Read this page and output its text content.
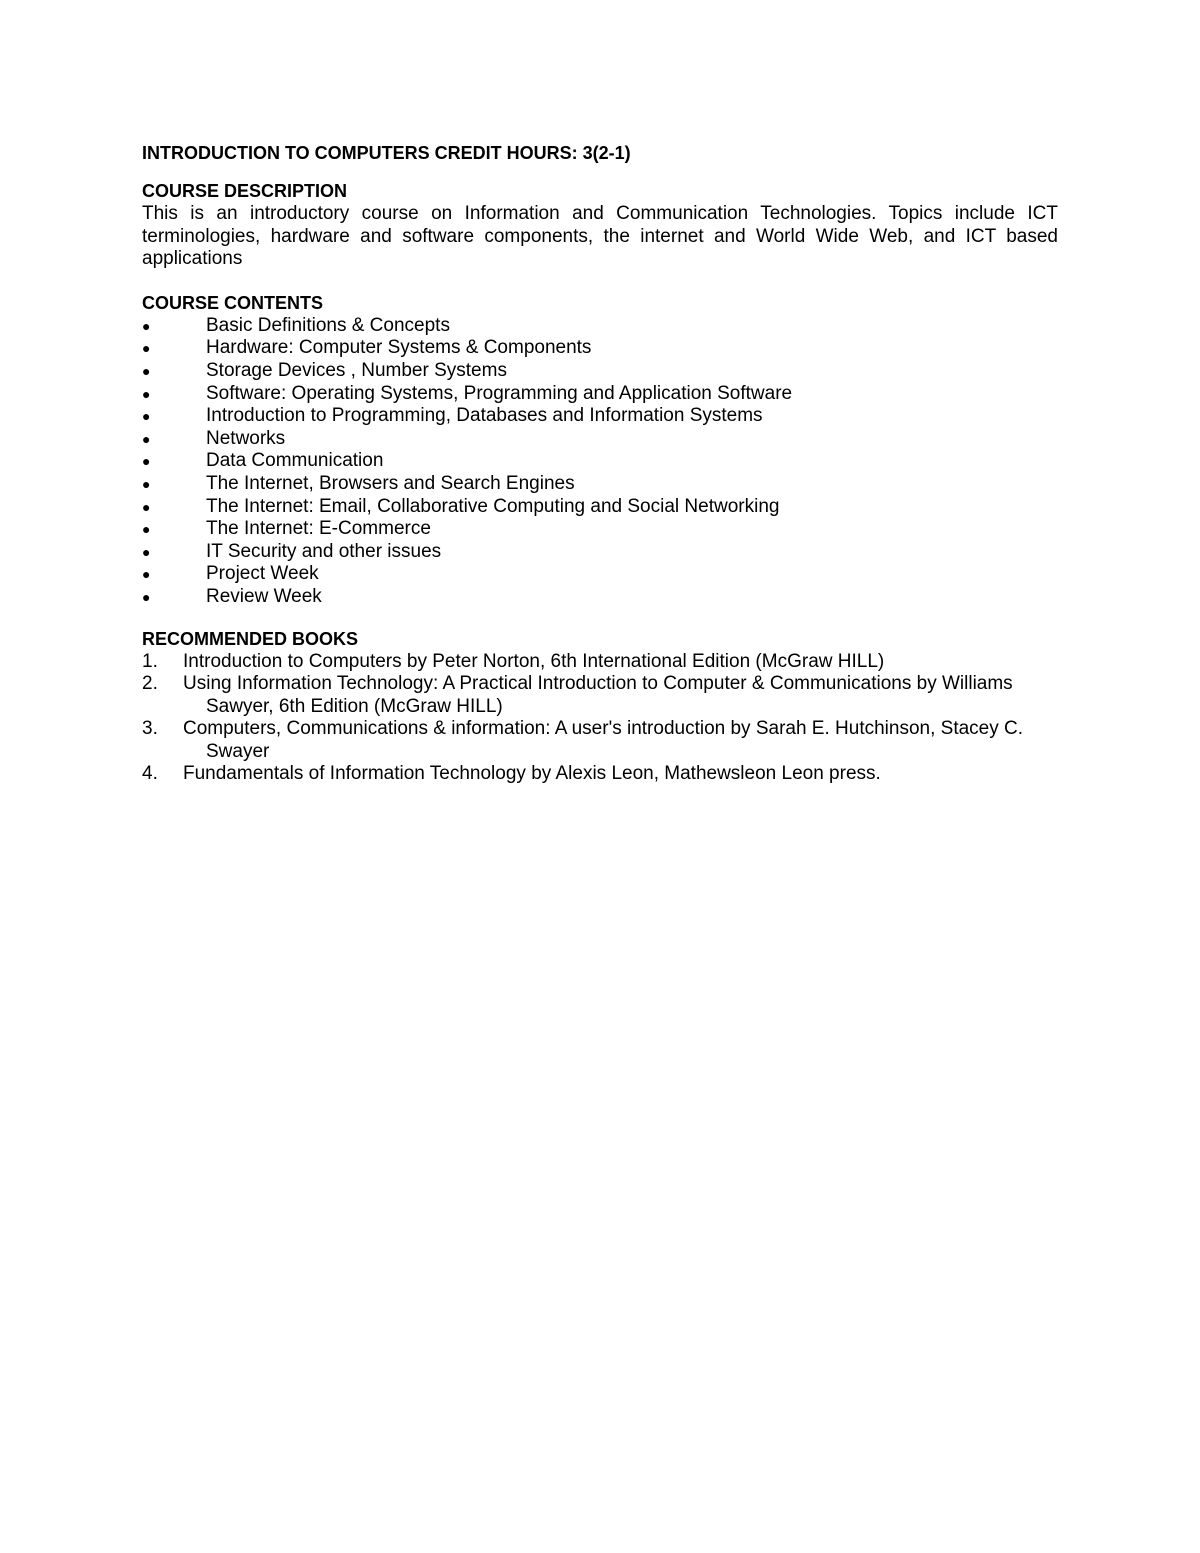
INTRODUCTION TO COMPUTERS CREDIT HOURS: 3(2-1)
COURSE DESCRIPTION
This is an introductory course on Information and Communication Technologies. Topics include ICT terminologies, hardware and software components, the internet and World Wide Web, and ICT based applications
COURSE CONTENTS
●	Basic Definitions & Concepts
●	Hardware: Computer Systems & Components
●	Storage Devices , Number Systems
●	Software: Operating Systems, Programming and Application Software
●	Introduction to Programming, Databases and Information Systems
●	Networks
●	Data Communication
●	The Internet, Browsers and Search Engines
●	The Internet: Email, Collaborative Computing and Social Networking
●	The Internet: E-Commerce
●	IT Security and other issues
●	Project Week
●	Review Week
RECOMMENDED BOOKS
1. Introduction to Computers by Peter Norton, 6th International Edition (McGraw HILL)
2. Using Information Technology: A Practical Introduction to Computer & Communications by Williams
Sawyer, 6th Edition (McGraw HILL)
3. Computers, Communications & information: A user's introduction by Sarah E. Hutchinson, Stacey C.
Swayer
4. Fundamentals of Information Technology by Alexis Leon, Mathewsleon Leon press.
